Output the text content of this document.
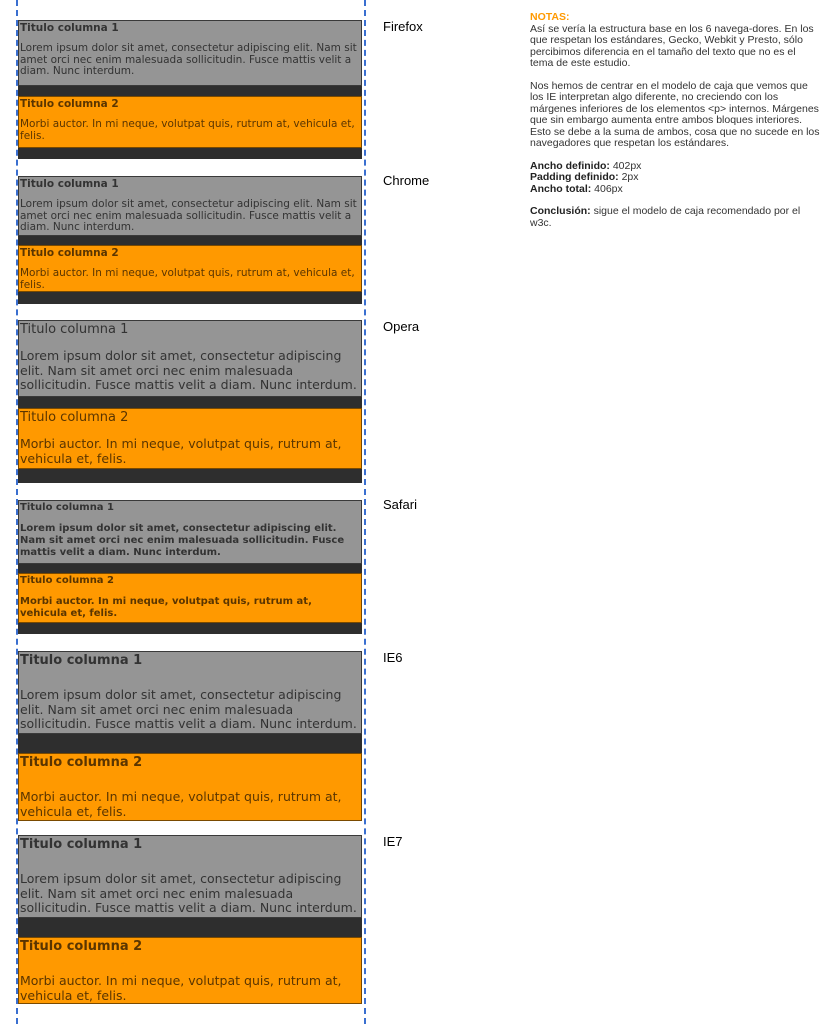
Titulo columna 1

Lorem ipsum dolor sit amet, consectetur adipiscing elit. Nam sit amet orci nec enim malesuada sollicitudin. Fusce mattis velit a diam. Nunc interdum.

Titulo columna 2

Morbi auctor. In mi neque, volutpat quis, rutrum at, vehicula et, felis.

Firefox
Titulo columna 1

Lorem ipsum dolor sit amet, consectetur adipiscing elit. Nam sit amet orci nec enim malesuada sollicitudin. Fusce mattis velit a diam. Nunc interdum.

Titulo columna 2

Morbi auctor. In mi neque, volutpat quis, rutrum at, vehicula et, felis.

Chrome
Titulo columna 1

Lorem ipsum dolor sit amet, consectetur adipiscing elit. Nam sit amet orci nec enim malesuada sollicitudin. Fusce mattis velit a diam. Nunc interdum.

Titulo columna 2

Morbi auctor. In mi neque, volutpat quis, rutrum at, vehicula et, felis.

Opera
Titulo columna 1

Lorem ipsum dolor sit amet, consectetur adipiscing elit. Nam sit amet orci nec enim malesuada sollicitudin. Fusce mattis velit a diam. Nunc interdum.

Titulo columna 2

Morbi auctor. In mi neque, volutpat quis, rutrum at, vehicula et, felis.

Safari
Titulo columna 1

Lorem ipsum dolor sit amet, consectetur adipiscing elit. Nam sit amet orci nec enim malesuada sollicitudin. Fusce mattis velit a diam. Nunc interdum.

Titulo columna 2

Morbi auctor. In mi neque, volutpat quis, rutrum at, vehicula et, felis.

IE6
Titulo columna 1

Lorem ipsum dolor sit amet, consectetur adipiscing elit. Nam sit amet orci nec enim malesuada sollicitudin. Fusce mattis velit a diam. Nunc interdum.

Titulo columna 2

Morbi auctor. In mi neque, volutpat quis, rutrum at, vehicula et, felis.

IE7
NOTAS:

Así se vería la estructura base en los 6 navega-dores. En los que respetan los estándares, Gecko, Webkit y Presto, sólo percibimos diferencia en el tamaño del texto que no es el tema de este estudio.

Nos hemos de centrar en el modelo de caja que vemos que los IE interpretan algo diferente, no creciendo con los márgenes inferiores de los elementos <p> internos. Márgenes que sin embargo aumenta entre ambos bloques interiores. Esto se debe a la suma de ambos, cosa que no sucede en los navegadores que respetan los estándares.

Ancho definido: 402px
Padding definido: 2px
Ancho total: 406px

Conclusión: sigue el modelo de caja recomendado por el w3c.
